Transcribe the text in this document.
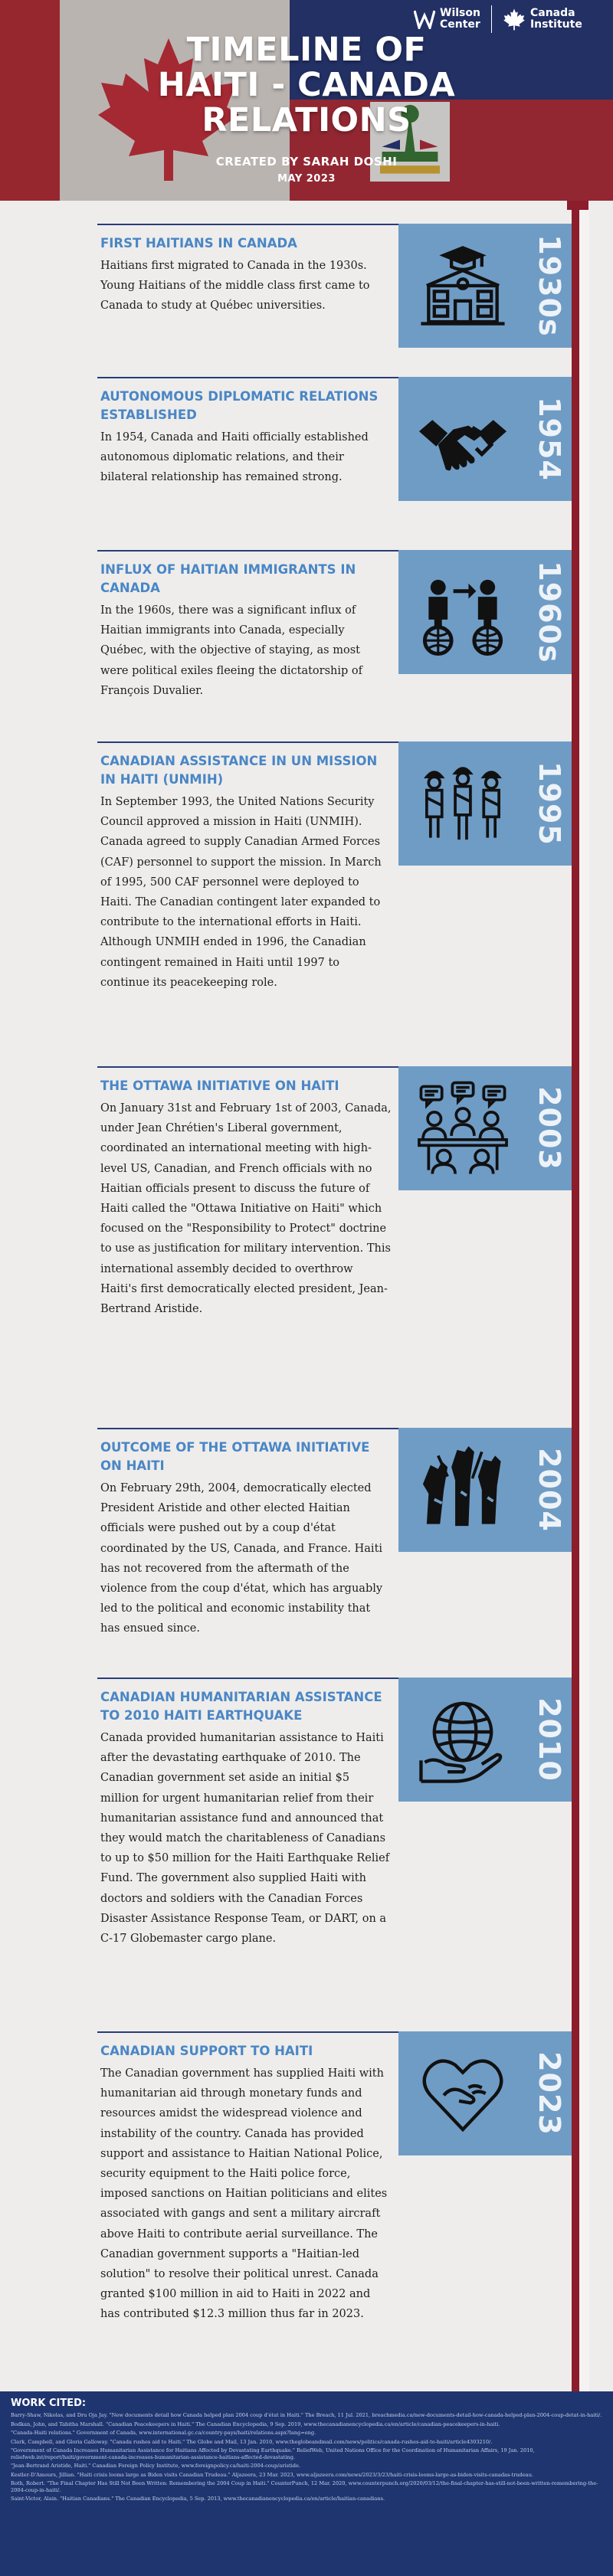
Wilson
Center
Canada
Institute
TIMELINE OF
HAITI - CANADA
RELATIONS
CREATED BY SARAH DOSHI
MAY 2023
FIRST HAITIANS IN CANADA
Haitians first migrated to Canada in the 1930s. Young Haitians of the middle class first came to Canada to study at Québec universities.	1930s
AUTONOMOUS DIPLOMATIC RELATIONS ESTABLISHED
In 1954, Canada and Haiti officially established autonomous diplomatic relations, and their bilateral relationship has remained strong.	1954
INFLUX OF HAITIAN IMMIGRANTS IN CANADA
In the 1960s, there was a significant influx of Haitian immigrants into Canada, especially Québec, with the objective of staying, as most were political exiles fleeing the dictatorship of François Duvalier.
1960s
CANADIAN ASSISTANCE IN UN MISSION IN HAITI (UNMIH)
In September 1993, the United Nations Security Council approved a mission in Haiti (UNMIH). Canada agreed to supply Canadian Armed Forces (CAF) personnel to support the mission. In March of 1995, 500 CAF personnel were deployed to Haiti. The Canadian contingent later expanded to contribute to the international efforts in Haiti. Although UNMIH ended in 1996, the Canadian contingent remained in Haiti until 1997 to continue its peacekeeping role.
1995
THE OTTAWA INITIATIVE ON HAITI
On January 31st and February 1st of 2003, Canada, under Jean Chrétien's Liberal government, coordinated an international meeting with high-level US, Canadian, and French officials with no Haitian officials present to discuss the future of Haiti called the "Ottawa Initiative on Haiti" which focused on the "Responsibility to Protect" doctrine to use as justification for military intervention. This international assembly decided to overthrow Haiti's first democratically elected president, Jean-Bertrand Aristide.
2003
OUTCOME OF THE OTTAWA INITIATIVE ON HAITI
On February 29th, 2004, democratically elected President Aristide and other elected Haitian officials were pushed out by a coup d'état coordinated by the US, Canada, and France. Haiti has not recovered from the aftermath of the violence from the coup d'état, which has arguably led to the political and economic instability that has ensued since.
2004
CANADIAN HUMANITARIAN ASSISTANCE TO 2010 HAITI EARTHQUAKE
Canada provided humanitarian assistance to Haiti after the devastating earthquake of 2010. The Canadian government set aside an initial $5 million for urgent humanitarian relief from their humanitarian assistance fund and announced that they would match the charitableness of Canadians to up to $50 million for the Haiti Earthquake Relief Fund. The government also supplied Haiti with doctors and soldiers with the Canadian Forces Disaster Assistance Response Team, or DART, on a C-17 Globemaster cargo plane.
2010
CANADIAN SUPPORT TO HAITI
The Canadian government has supplied Haiti with humanitarian aid through monetary funds and resources amidst the widespread violence and instability of the country. Canada has provided support and assistance to Haitian National Police, security equipment to the Haiti police force, imposed sanctions on Haitian politicians and elites associated with gangs and sent a military aircraft above Haiti to contribute aerial surveillance. The Canadian government supports a "Haitian-led solution" to resolve their political unrest. Canada granted $100 million in aid to Haiti in 2022 and has contributed $12.3 million thus far in 2023.
2023
WORK CITED:
Barry-Shaw, Nikolas, and Dru Oja Jay. "New documents detail how Canada helped plan 2004 coup d'état in Haiti." The Breach, 11 Jul. 2021, breachmedia.ca/new-documents-detail-how-canada-helped-plan-2004-coup-detat-in-haiti/.
Bodkan, John, and Tabitha Marshall. "Canadian Peacekeepers in Haiti." The Canadian Encyclopedia, 9 Sep. 2019, www.thecanadianencyclopedia.ca/en/article/canadian-peacekeepers-in-haiti.
"Canada-Haiti relations." Government of Canada, www.international.gc.ca/country-pays/haiti/relations.aspx?lang=eng.
Clark, Campbell, and Gloria Galloway. "Canada rushes aid to Haiti." The Globe and Mail, 13 Jan. 2010, www.theglobeandmail.com/news/politics/canada-rushes-aid-to-haiti/article4303210/.
"Government of Canada Increases Humanitarian Assistance for Haitians Affected by Devastating Earthquake." ReliefWeb, United Nations Office for the Coordination of Humanitarian Affairs, 19 Jan. 2010, reliefweb.int/report/haiti/government-canada-increases-humanitarian-assistance-haitians-affected-devastating.
"Jean-Bertrand Aristide, Haiti." Canadian Foreign Policy Institute, www.foreignpolicy.ca/haiti-2004-coup/aristide.
Kestler-D'Amours, Jillian. "Haiti crisis looms large as Biden visits Canadian Trudeau." Aljazeera, 23 Mar. 2023, www.aljazeera.com/news/2023/3/23/haiti-crisis-looms-large-as-biden-visits-canadas-trudeau.
Roth, Robert. "The Final Chapter Has Still Not Been Written: Remembering the 2004 Coup in Haiti." CounterPunch, 12 Mar. 2020, www.counterpunch.org/2020/03/12/the-final-chapter-has-still-not-been-written-remembering-the-2004-coup-in-haiti/.
Saint-Victor, Alain. "Haitian Canadians." The Canadian Encyclopedia, 5 Sep. 2013, www.thecanadianencyclopedia.ca/en/article/haitian-canadians.
